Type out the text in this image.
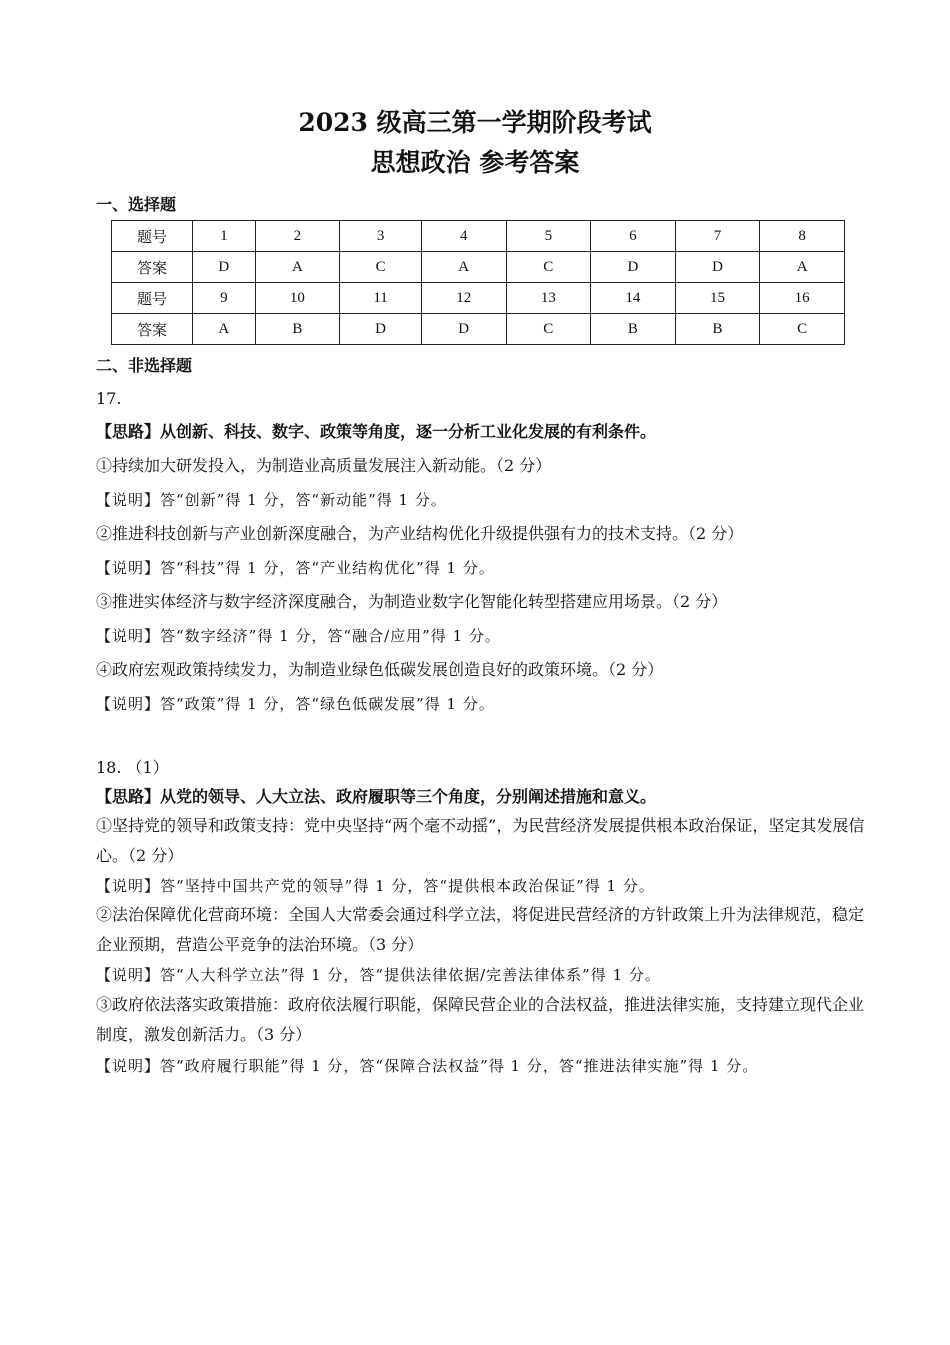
2023 级高三第一学期阶段考试
思想政治 参考答案
一、选择题
题号	1	2	3	4	5	6	7	8
答案	D	A	C	A	C	D	D	A
题号	9	10	11	12	13	14	15	16
答案	A	B	D	D	C	B	B	C
二、非选择题
17.
【思路】从创新、科技、数字、政策等角度，逐一分析工业化发展的有利条件。
①持续加大研发投入，为制造业高质量发展注入新动能。（2 分）
【说明】答“创新”得 1 分，答“新动能”得 1 分。
②推进科技创新与产业创新深度融合，为产业结构优化升级提供强有力的技术支持。（2 分）
【说明】答“科技”得 1 分，答“产业结构优化”得 1 分。
③推进实体经济与数字经济深度融合，为制造业数字化智能化转型搭建应用场景。（2 分）
【说明】答“数字经济”得 1 分，答“融合/应用”得 1 分。
④政府宏观政策持续发力，为制造业绿色低碳发展创造良好的政策环境。（2 分）
【说明】答“政策”得 1 分，答“绿色低碳发展”得 1 分。
18. （1）
【思路】从党的领导、人大立法、政府履职等三个角度，分别阐述措施和意义。
①坚持党的领导和政策支持：党中央坚持“两个毫不动摇”，为民营经济发展提供根本政治保证，坚定其发展信心。（2 分）
【说明】答“坚持中国共产党的领导”得 1 分，答“提供根本政治保证”得 1 分。
②法治保障优化营商环境：全国人大常委会通过科学立法，将促进民营经济的方针政策上升为法律规范，稳定企业预期，营造公平竞争的法治环境。（3 分）
【说明】答“人大科学立法”得 1 分，答“提供法律依据/完善法律体系”得 1 分。
③政府依法落实政策措施：政府依法履行职能，保障民营企业的合法权益，推进法律实施，支持建立现代企业制度，激发创新活力。（3 分）
【说明】答“政府履行职能”得 1 分，答“保障合法权益”得 1 分，答“推进法律实施”得 1 分。
